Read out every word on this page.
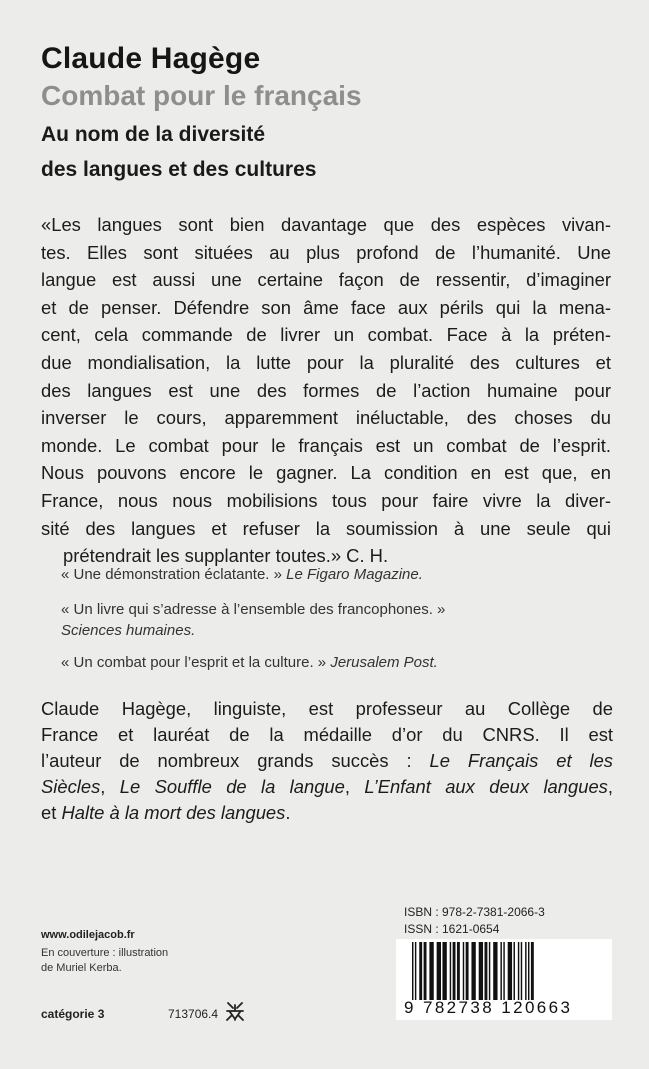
Claude Hagège
Combat pour le français
Au nom de la diversité
des langues et des cultures
«Les langues sont bien davantage que des espèces vivan-
tes. Elles sont situées au plus profond de l’humanité. Une
langue est aussi une certaine façon de ressentir, d’imaginer
et de penser. Défendre son âme face aux périls qui la mena-
cent, cela commande de livrer un combat. Face à la préten-
due mondialisation, la lutte pour la pluralité des cultures et
des langues est une des formes de l’action humaine pour
inverser le cours, apparemment inéluctable, des choses du
monde. Le combat pour le français est un combat de l’esprit.
Nous pouvons encore le gagner. La condition en est que, en
France, nous nous mobilisions tous pour faire vivre la diver-
sité des langues et refuser la soumission à une seule qui
prétendrait les supplanter toutes.» C. H.
« Une démonstration éclatante. » Le Figaro Magazine.
« Un livre qui s’adresse à l’ensemble des francophones. »
Sciences humaines.
« Un combat pour l’esprit et la culture. » Jerusalem Post.
Claude Hagège, linguiste, est professeur au Collège de
France et lauréat de la médaille d’or du CNRS. Il est
l’auteur de nombreux grands succès : Le Français et les
Siècles, Le Souffle de la langue, L’Enfant aux deux langues,
et Halte à la mort des langues.
www.odilejacob.fr
En couverture : illustration
de Muriel Kerba.
catégorie 3	713706.4
ISBN : 978-2-7381-2066-3
ISSN : 1621-0654
9 782738 120663
